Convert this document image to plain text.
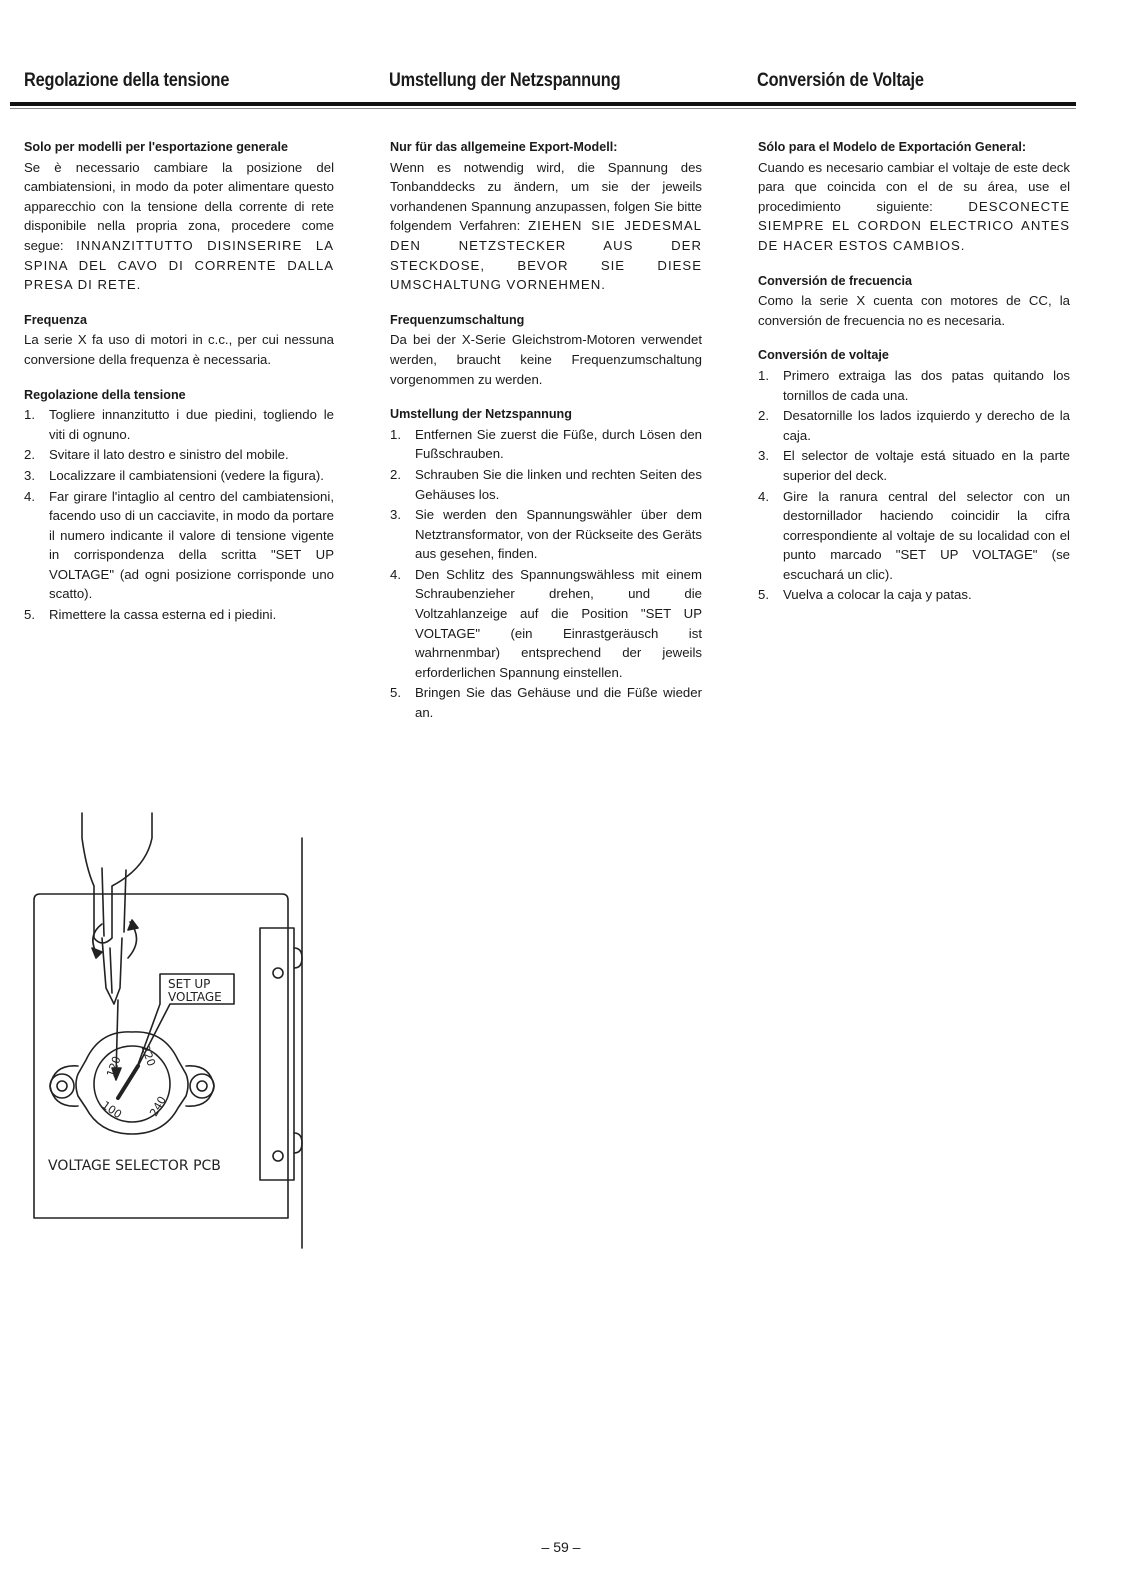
Regolazione della tensione	Umstellung der Netzspannung	Conversión de Voltaje

Solo per modelli per l'esportazione generale

Se è necessario cambiare la posizione del cambiatensioni, in modo da poter alimentare questo apparecchio con la tensione della corrente di rete disponibile nella propria zona, procedere come segue: INNANZITTUTTO DISINSERIRE LA SPINA DEL CAVO DI CORRENTE DALLA PRESA DI RETE.

Frequenza

La serie X fa uso di motori in c.c., per cui nessuna conversione della frequenza è necessaria.

Regolazione della tensione

1. Togliere innanzitutto i due piedini, togliendo le viti di ognuno.
2. Svitare il lato destro e sinistro del mobile.
3. Localizzare il cambiatensioni (vedere la figura).
4. Far girare l'intaglio al centro del cambiatensioni, facendo uso di un cacciavite, in modo da portare il numero indicante il valore di tensione vigente in corrispondenza della scritta "SET UP VOLTAGE" (ad ogni posizione corrisponde uno scatto).
5. Rimettere la cassa esterna ed i piedini.

Nur für das allgemeine Export-Modell:

Wenn es notwendig wird, die Spannung des Tonbanddecks zu ändern, um sie der jeweils vorhandenen Spannung anzupassen, folgen Sie bitte folgendem Verfahren: ZIEHEN SIE JEDESMAL DEN NETZSTECKER AUS DER STECKDOSE, BEVOR SIE DIESE UMSCHALTUNG VORNEHMEN.

Frequenzumschaltung

Da bei der X-Serie Gleichstrom-Motoren verwendet werden, braucht keine Frequenzumschaltung vorgenommen zu werden.

Umstellung der Netzspannung

1. Entfernen Sie zuerst die Füße, durch Lösen den Fußschrauben.
2. Schrauben Sie die linken und rechten Seiten des Gehäuses los.
3. Sie werden den Spannungswähler über dem Netztransformator, von der Rückseite des Geräts aus gesehen, finden.
4. Den Schlitz des Spannungswähless mit einem Schraubenzieher drehen, und die Voltzahlanzeige auf die Position "SET UP VOLTAGE" (ein Einrastgeräusch ist wahrnenmbar) entsprechend der jeweils erforderlichen Spannung einstellen.
5. Bringen Sie das Gehäuse und die Füße wieder an.

Sólo para el Modelo de Exportación General:

Cuando es necesario cambiar el voltaje de este deck para que coincida con el de su área, use el procedimiento siguiente:	DESCONECTE SIEMPRE EL CORDON ELECTRICO ANTES DE HACER ESTOS CAMBIOS.

Conversión de frecuencia

Como la serie X cuenta con motores de CC, la conversión de frecuencia no es necesaria.

Conversión de voltaje

1. Primero extraiga las dos patas quitando los tornillos de cada una.
2. Desatornille los lados izquierdo y derecho de la caja.
3. El selector de voltaje está situado en la parte superior del deck.
4. Gire la ranura central del selector con un destornillador haciendo coincidir la cifra correspondiente al voltaje de su localidad con el punto marcado "SET UP VOLTAGE" (se escuchará un clic).
5. Vuelva a colocar la caja y patas.
SET UP
VOLTAGE
120 220
240
100
VOLTAGE SELECTOR PCB
– 59 –
